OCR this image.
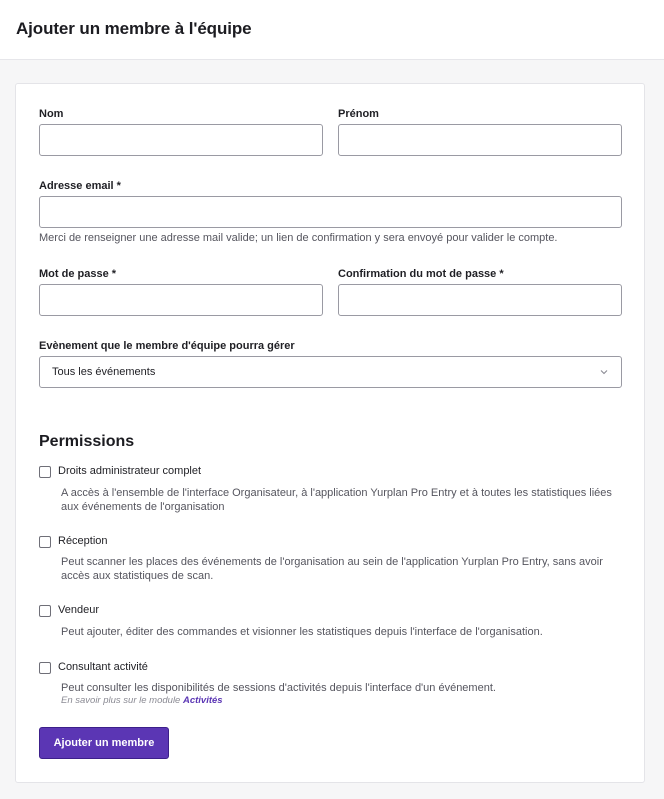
Ajouter un membre à l'équipe
Nom	Prénom
Adresse email *
Merci de renseigner une adresse mail valide; un lien de confirmation y sera envoyé pour valider le compte.
Mot de passe *	Confirmation du mot de passe *
Evènement que le membre d'équipe pourra gérer
Tous les événements
Permissions
Droits administrateur complet
A accès à l'ensemble de l'interface Organisateur, à l'application Yurplan Pro Entry et à toutes les statistiques liées
aux événements de l'organisation
Réception
Peut scanner les places des événements de l'organisation au sein de l'application Yurplan Pro Entry, sans avoir
accès aux statistiques de scan.
Vendeur
Peut ajouter, éditer des commandes et visionner les statistiques depuis l'interface de l'organisation.
Consultant activité
Peut consulter les disponibilités de sessions d'activités depuis l'interface d'un événement.
En savoir plus sur le module Activités
Ajouter un membre
